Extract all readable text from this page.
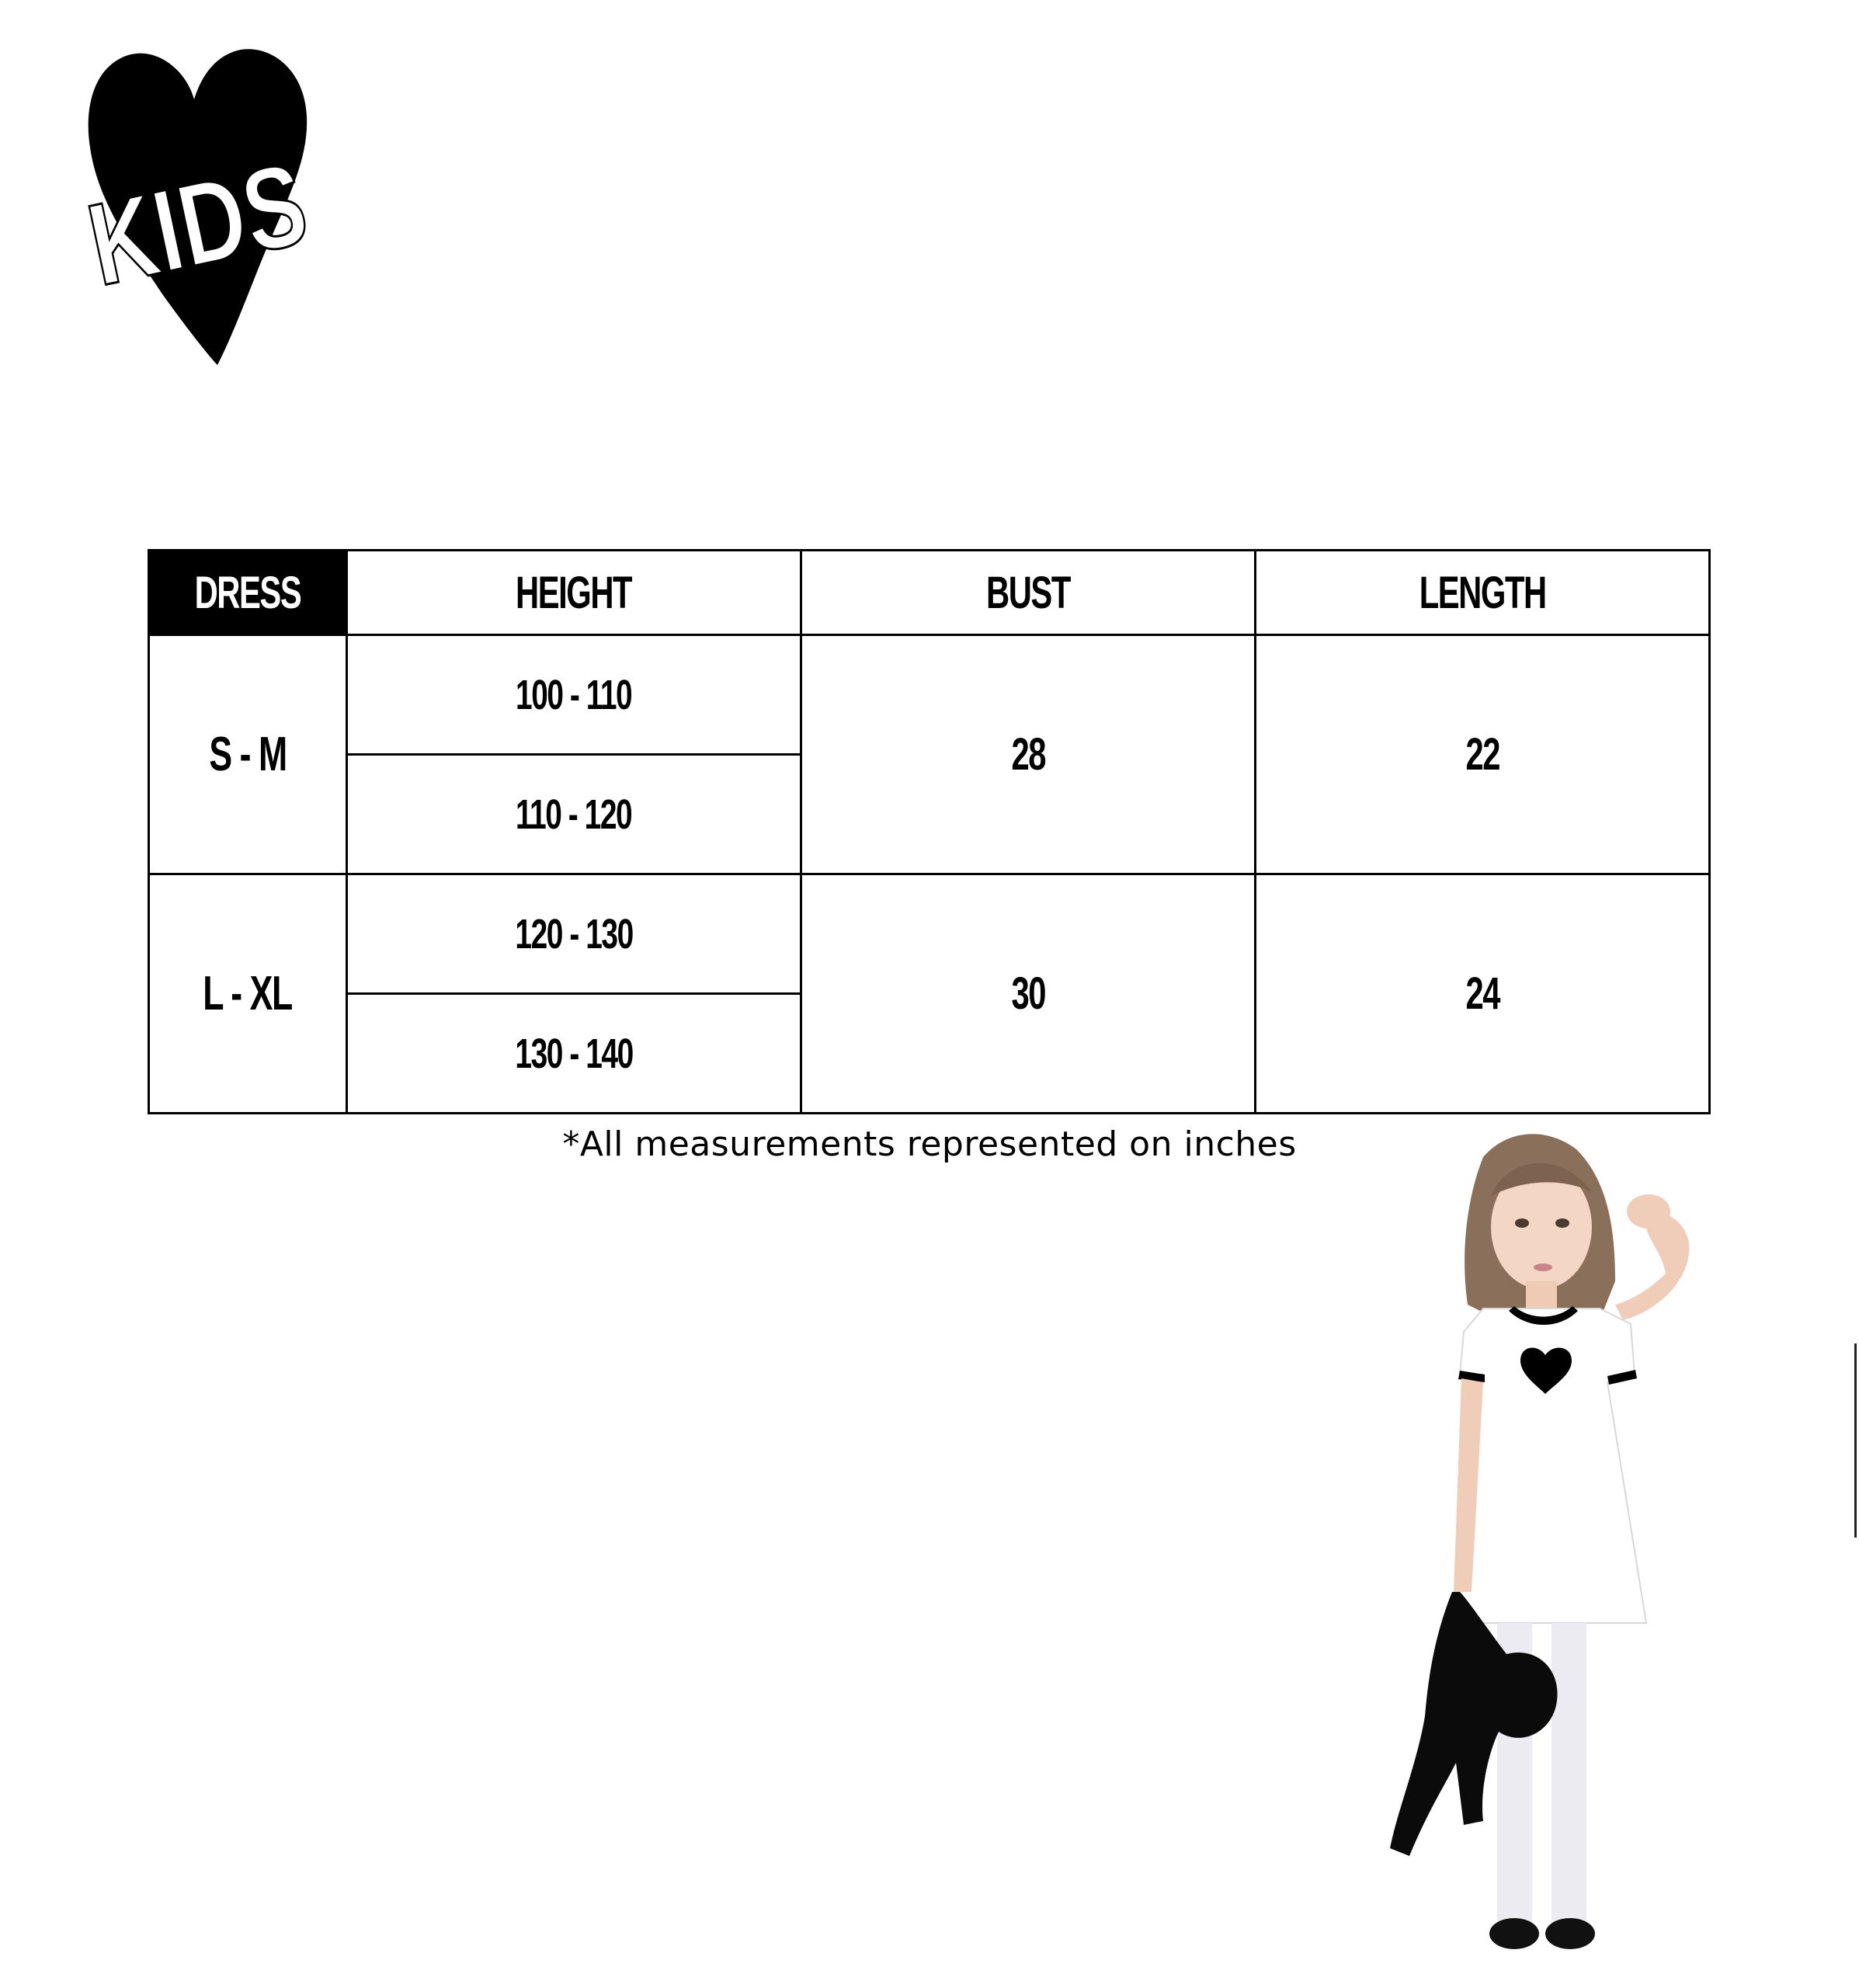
KIDS
DRESS	HEIGHT	BUST	LENGTH
S - M	100 - 110	28	22
	110 - 120		
L - XL	120 - 130	30	24
	130 - 140		
*All measurements represented on inches
